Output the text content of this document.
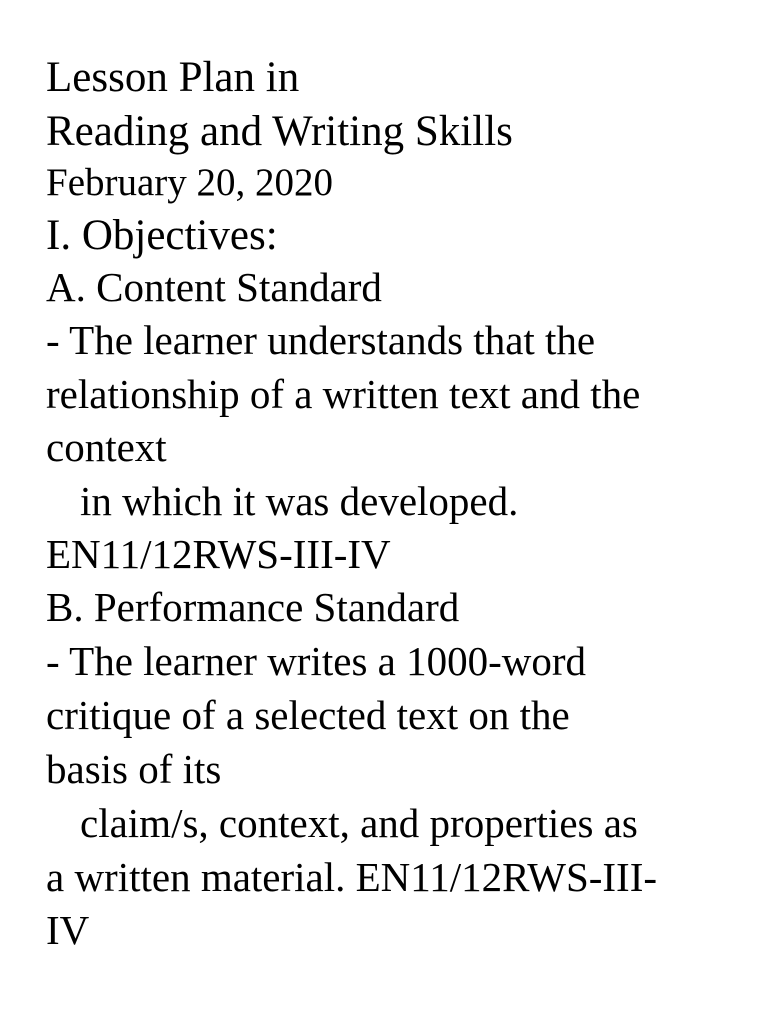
Lesson Plan in
Reading and Writing Skills
February 20, 2020
I. Objectives:
A. Content Standard
- The learner understands that the
relationship of a written text and the
context
in which it was developed.
EN11/12RWS-III-IV
B. Performance Standard
- The learner writes a 1000-word
critique of a selected text on the
basis of its
claim/s, context, and properties as
a written material. EN11/12RWS-III-
IV
